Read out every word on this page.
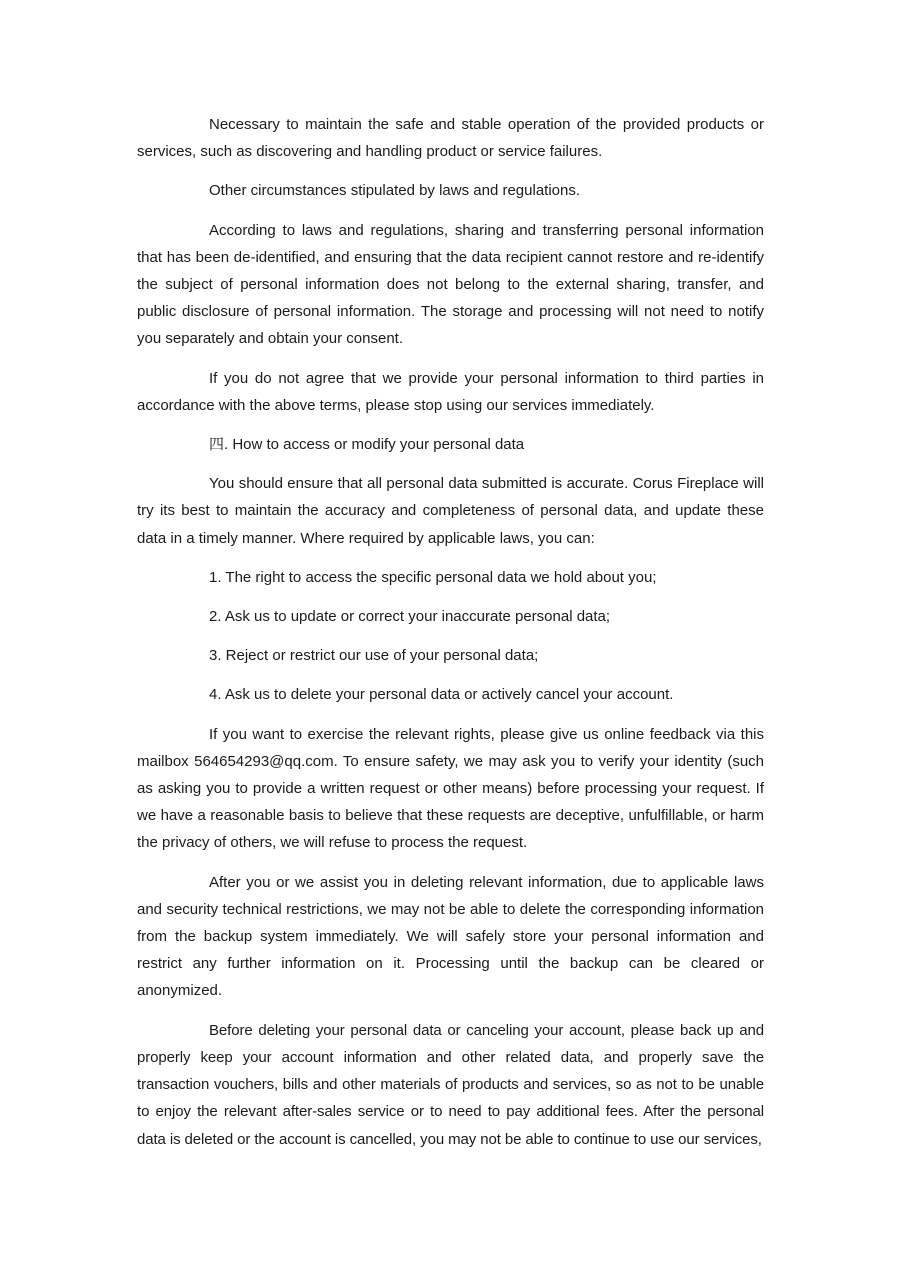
Necessary to maintain the safe and stable operation of the provided products or services, such as discovering and handling product or service failures.

Other circumstances stipulated by laws and regulations.

According to laws and regulations, sharing and transferring personal information that has been de-identified, and ensuring that the data recipient cannot restore and re-identify the subject of personal information does not belong to the external sharing, transfer, and public disclosure of personal information. The storage and processing will not need to notify you separately and obtain your consent.

If you do not agree that we provide your personal information to third parties in accordance with the above terms, please stop using our services immediately.

四. How to access or modify your personal data

You should ensure that all personal data submitted is accurate. Corus Fireplace will try its best to maintain the accuracy and completeness of personal data, and update these data in a timely manner. Where required by applicable laws, you can:

1. The right to access the specific personal data we hold about you;

2. Ask us to update or correct your inaccurate personal data;

3. Reject or restrict our use of your personal data;

4. Ask us to delete your personal data or actively cancel your account.

If you want to exercise the relevant rights, please give us online feedback via this mailbox 564654293@qq.com. To ensure safety, we may ask you to verify your identity (such as asking you to provide a written request or other means) before processing your request. If we have a reasonable basis to believe that these requests are deceptive, unfulfillable, or harm the privacy of others, we will refuse to process the request.

After you or we assist you in deleting relevant information, due to applicable laws and security technical restrictions, we may not be able to delete the corresponding information from the backup system immediately. We will safely store your personal information and restrict any further information on it. Processing until the backup can be cleared or anonymized.

Before deleting your personal data or canceling your account, please back up and properly keep your account information and other related data, and properly save the transaction vouchers, bills and other materials of products and services, so as not to be unable to enjoy the relevant after-sales service or to need to pay additional fees. After the personal data is deleted or the account is cancelled, you may not be able to continue to use our services,
